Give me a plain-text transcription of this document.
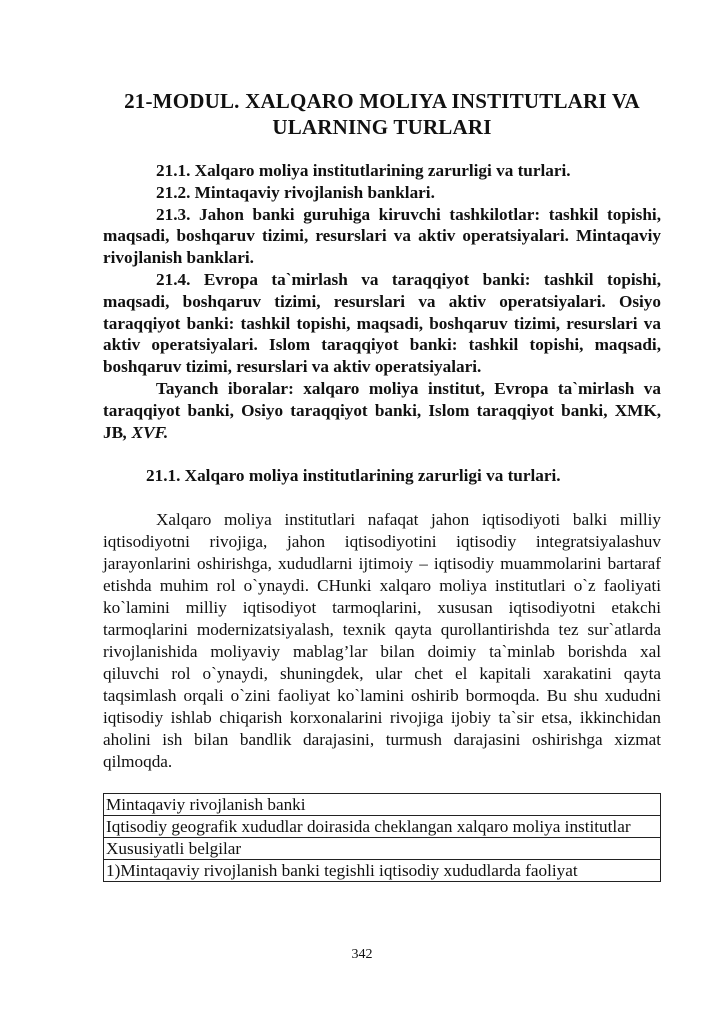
21-MODUL. XALQARO MOLIYA INSTITUTLARI VA ULARNING TURLARI

21.1. Xalqaro moliya institutlarining zarurligi va turlari.

21.2. Mintaqaviy rivojlanish banklari.

21.3. Jahon banki guruhiga kiruvchi tashkilotlar: tashkil topishi, maqsadi, boshqaruv tizimi, resurslari va aktiv operatsiyalari. Mintaqaviy rivojlanish banklari.

21.4. Evropa ta`mirlash va taraqqiyot banki: tashkil topishi, maqsadi, boshqaruv tizimi, resurslari va aktiv operatsiyalari. Osiyo taraqqiyot banki: tashkil topishi, maqsadi, boshqaruv tizimi, resurslari va aktiv operatsiyalari. Islom taraqqiyot banki: tashkil topishi, maqsadi, boshqaruv tizimi, resurslari va aktiv operatsiyalari.

Tayanch iboralar: xalqaro moliya institut, Evropa ta`mirlash va taraqqiyot banki, Osiyo taraqqiyot banki, Islom taraqqiyot banki, XMK, JB, XVF.

21.1. Xalqaro moliya institutlarining zarurligi va turlari.
Xalqaro moliya institutlari nafaqat jahon iqtisodiyoti balki milliy iqtisodiyotni rivojiga, jahon iqtisodiyotini iqtisodiy integratsiyalashuv jarayonlarini oshirishga, xududlarni ijtimoiy – iqtisodiy muammolarini bartaraf etishda muhim rol o`ynaydi. CHunki xalqaro moliya institutlari o`z faoliyati ko`lamini milliy iqtisodiyot tarmoqlarini, xususan iqtisodiyotni etakchi tarmoqlarini modernizatsiyalash, texnik qayta qurollantirishda tez sur`atlarda rivojlanishida moliyaviy mablag’lar bilan doimiy ta`minlab borishda xal qiluvchi rol o`ynaydi, shuningdek, ular chet el kapitali xarakatini qayta taqsimlash orqali o`zini faoliyat ko`lamini oshirib bormoqda. Bu shu xududni iqtisodiy ishlab chiqarish korxonalarini rivojiga ijobiy ta`sir etsa, ikkinchidan aholini ish bilan bandlik darajasini, turmush darajasini oshirishga xizmat qilmoqda.
Mintaqaviy rivojlanish banki
Iqtisodiy geografik xududlar doirasida cheklangan xalqaro moliya institutlar
Xususiyatli belgilar
1)Mintaqaviy rivojlanish banki tegishli iqtisodiy xududlarda faoliyat
342
